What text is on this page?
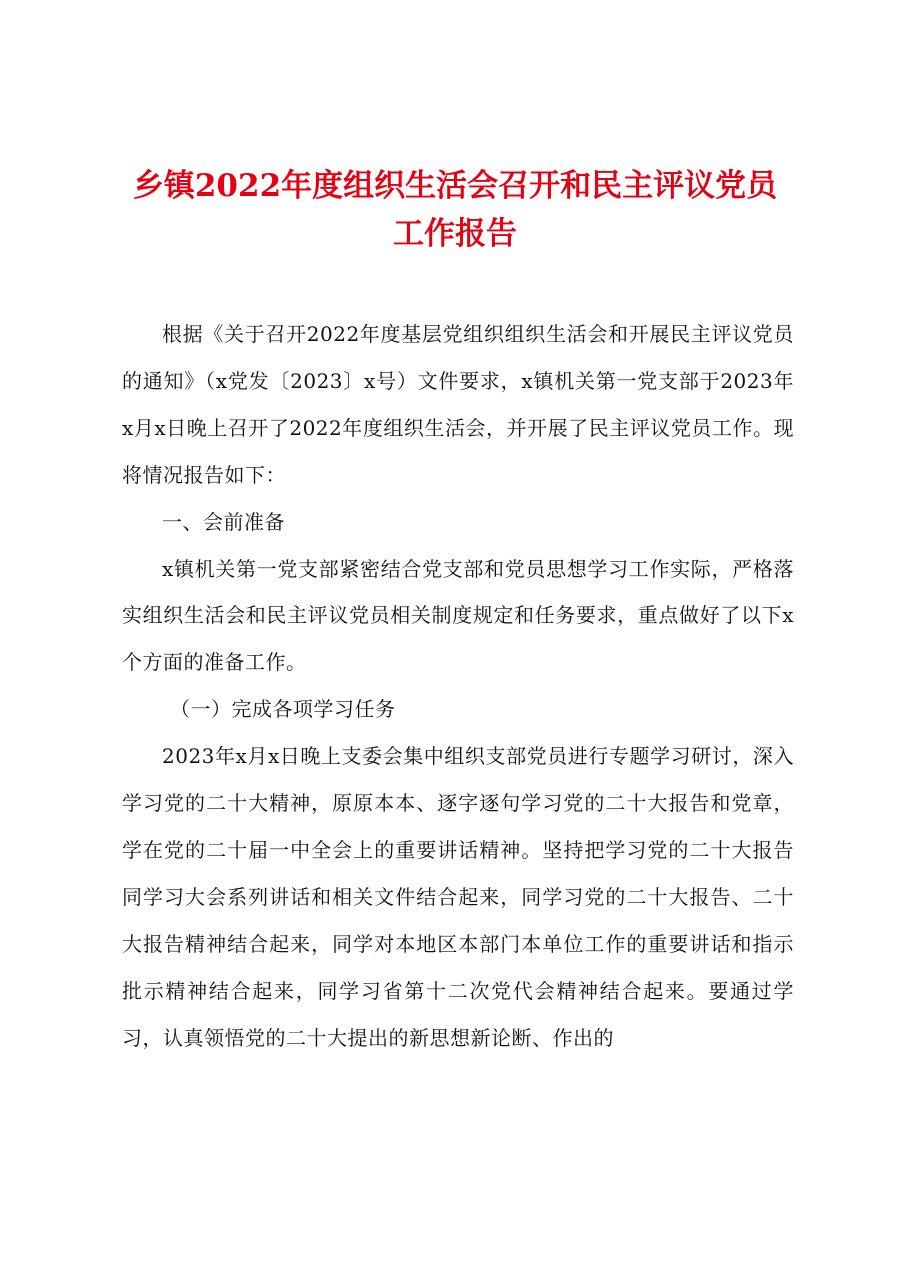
乡镇2022年度组织生活会召开和民主评议党员工作报告

根据《关于召开2022年度基层党组织组织生活会和开展民主评议党员的通知》（x党发〔2023〕x号）文件要求，x镇机关第一党支部于2023年x月x日晚上召开了2022年度组织生活会，并开展了民主评议党员工作。现将情况报告如下：

一、会前准备

x镇机关第一党支部紧密结合党支部和党员思想学习工作实际，严格落实组织生活会和民主评议党员相关制度规定和任务要求，重点做好了以下x个方面的准备工作。

（一）完成各项学习任务

2023年x月x日晚上支委会集中组织支部党员进行专题学习研讨，深入学习党的二十大精神，原原本本、逐字逐句学习党的二十大报告和党章，学在党的二十届一中全会上的重要讲话精神。坚持把学习党的二十大报告同学习大会系列讲话和相关文件结合起来，同学习党的二十大报告、二十大报告精神结合起来，同学对本地区本部门本单位工作的重要讲话和指示批示精神结合起来，同学习省第十二次党代会精神结合起来。要通过学习，认真领悟党的二十大提出的新思想新论断、作出的
